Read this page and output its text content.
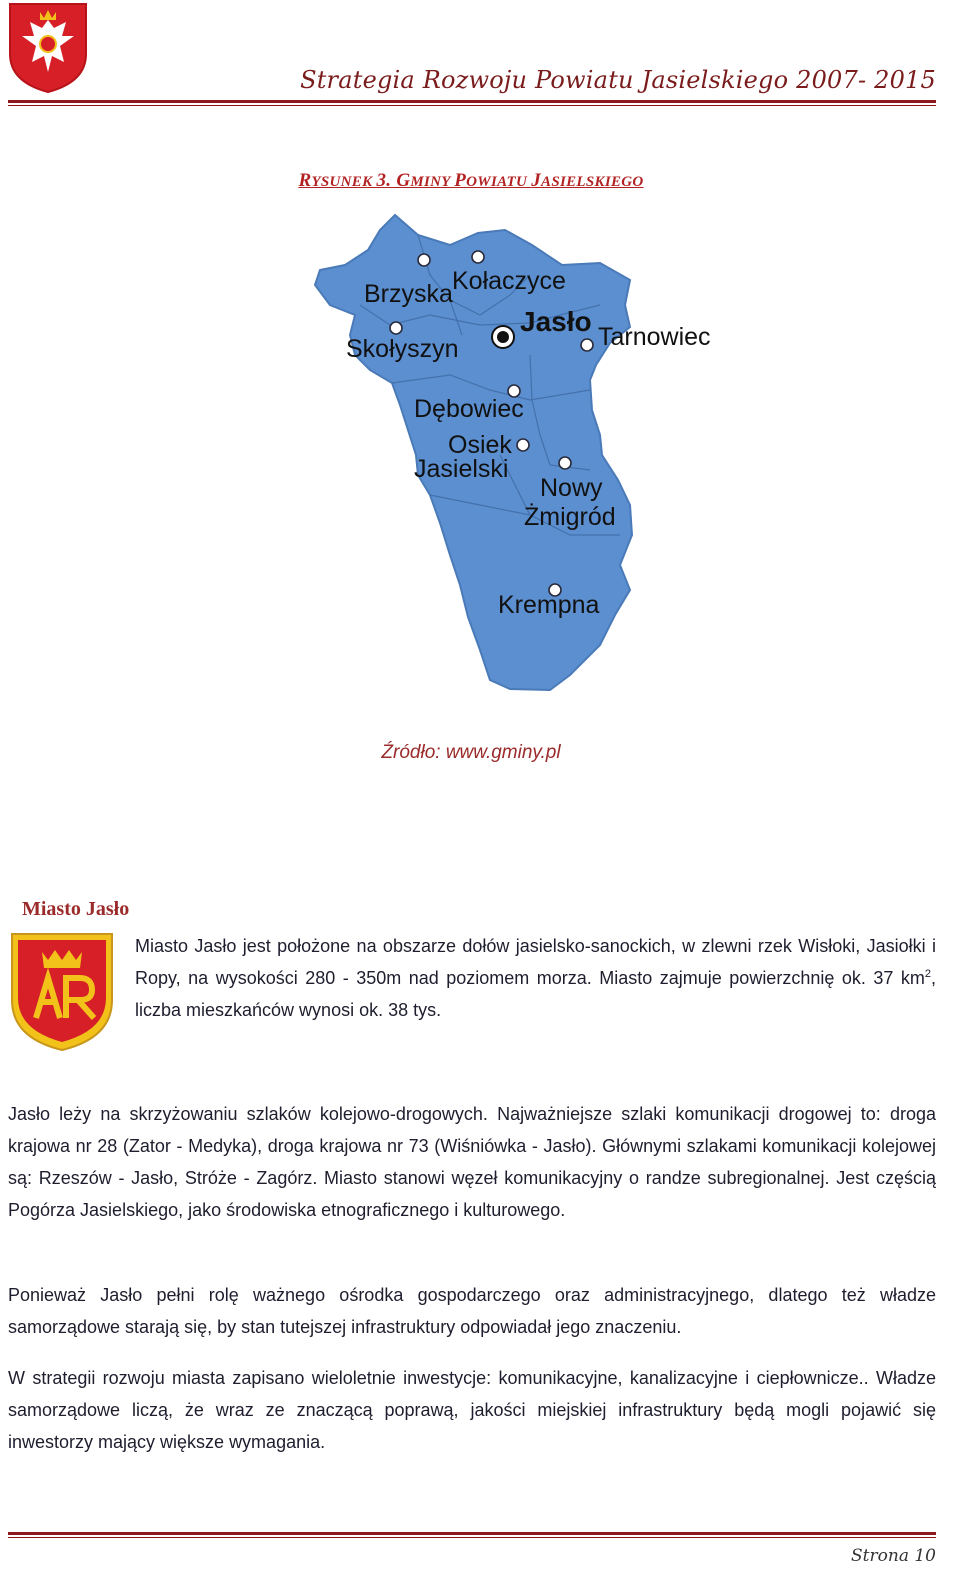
Strategia Rozwoju Powiatu Jasielskiego 2007- 2015
RYSUNEK 3. GMINY POWIATU JASIELSKIEGO
Brzyska Kołaczyce
Jasło Tarnowiec
Skołyszyn
Dębowiec
Osiek
Jasielski
Nowy
Żmigród
Krempna
Źródło: www.gminy.pl
Miasto Jasło
Miasto Jasło jest położone na obszarze dołów jasielsko-sanockich, w zlewni rzek Wisłoki, Jasiołki i Ropy, na wysokości 280 - 350m nad poziomem morza. Miasto zajmuje powierzchnię ok. 37 $km^2$, liczba mieszkańców wynosi ok. 38 tys.
Jasło leży na skrzyżowaniu szlaków kolejowo-drogowych. Najważniejsze szlaki komunikacji drogowej to: droga krajowa nr 28 (Zator - Medyka), droga krajowa nr 73 (Wiśniówka - Jasło). Głównymi szlakami komunikacji kolejowej są: Rzeszów - Jasło, Stróże - Zagórz. Miasto stanowi węzeł komunikacyjny o randze subregionalnej. Jest częścią Pogórza Jasielskiego, jako środowiska etnograficznego i kulturowego.
Ponieważ Jasło pełni rolę ważnego ośrodka gospodarczego oraz administracyjnego, dlatego też władze samorządowe starają się, by stan tutejszej infrastruktury odpowiadał jego znaczeniu.
W strategii rozwoju miasta zapisano wieloletnie inwestycje: komunikacyjne, kanalizacyjne i ciepłownicze.. Władze samorządowe liczą, że wraz ze znaczącą poprawą, jakości miejskiej infrastruktury będą mogli pojawić się inwestorzy mający większe wymagania.
Strona 10
